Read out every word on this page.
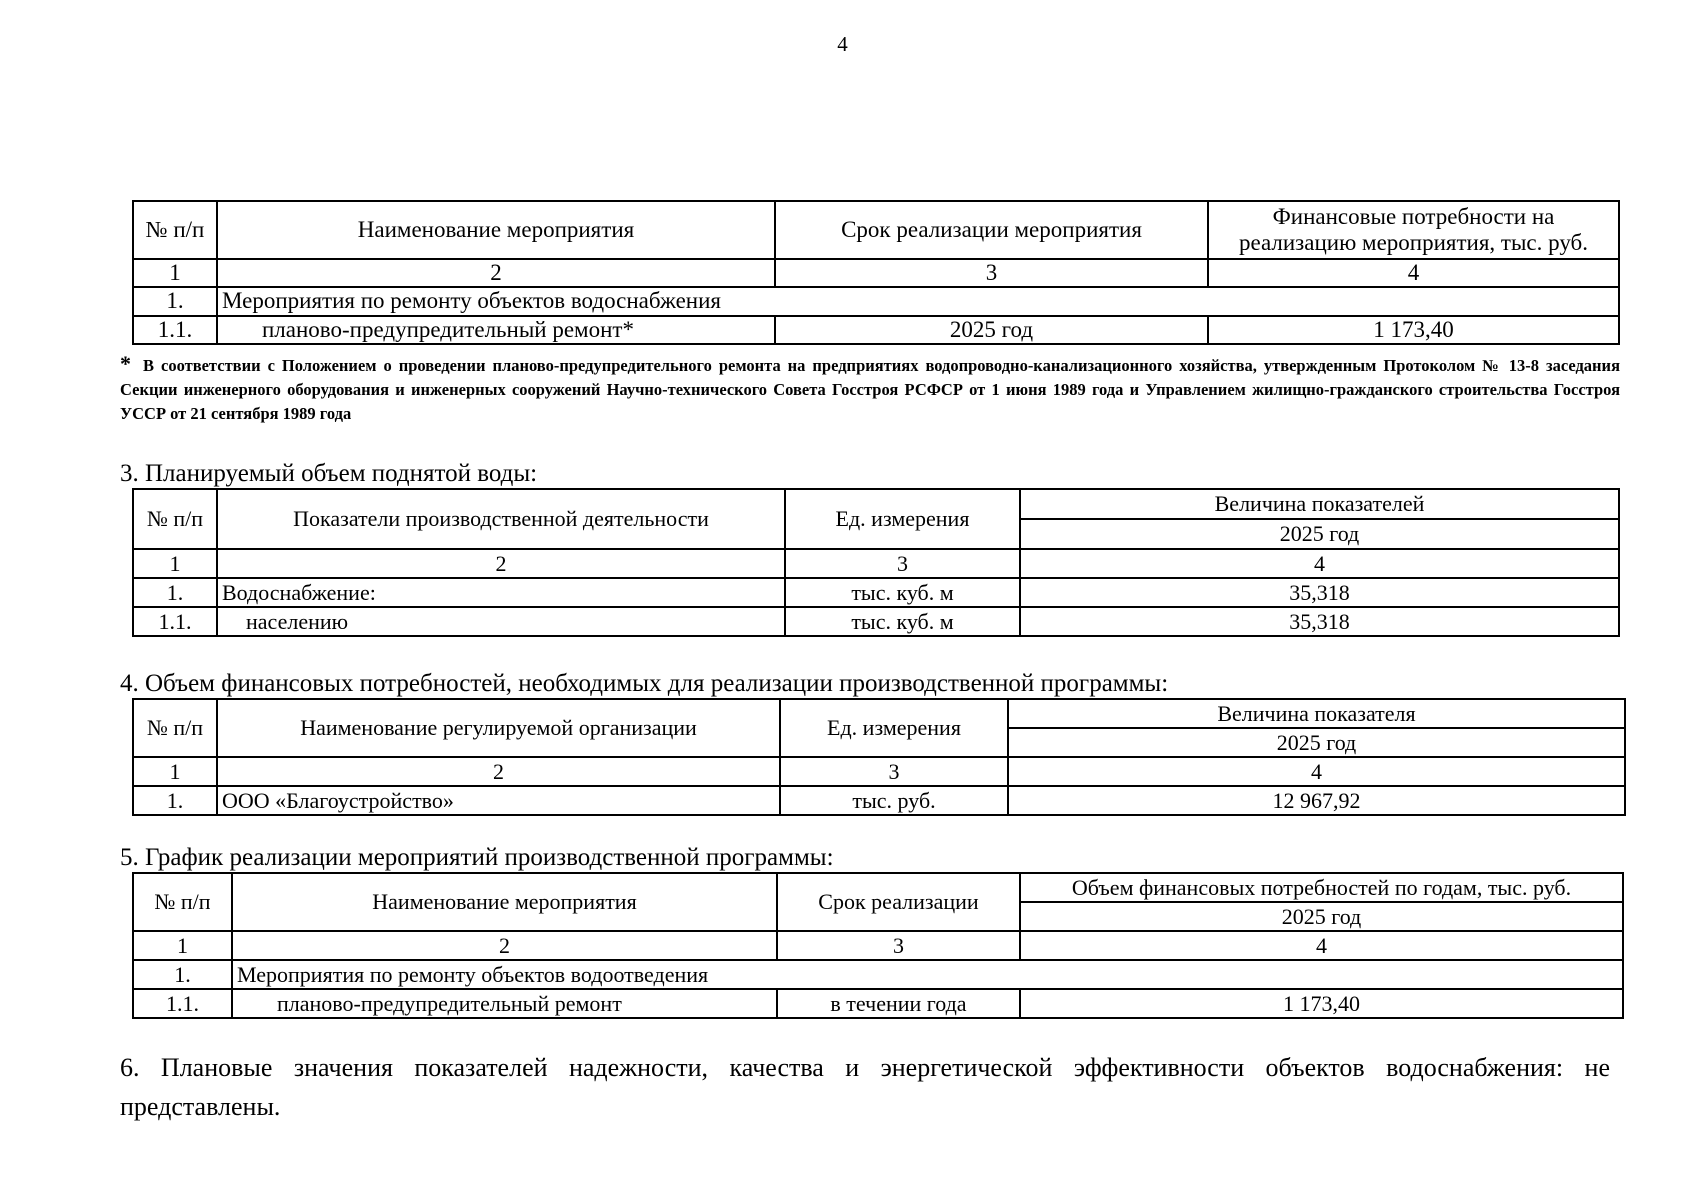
4
№ п/п	Наименование мероприятия	Срок реализации мероприятия	Финансовые потребности на реализацию мероприятия, тыс. руб.
1	2	3	4
1.	Мероприятия по ремонту объектов водоснабжения		
1.1.	планово-предупредительный ремонт*	2025 год	1 173,40
* В соответствии с Положением о проведении планово-предупредительного ремонта на предприятиях водопроводно-канализационного хозяйства, утвержденным Протоколом № 13-8 заседания Секции инженерного оборудования и инженерных сооружений Научно-технического Совета Госстроя РСФСР от 1 июня 1989 года и Управлением жилищно-гражданского строительства Госстроя УССР от 21 сентября 1989 года
3. Планируемый объем поднятой воды:
№ п/п	Показатели производственной деятельности	Ед. измерения	Величина показателей
			2025 год
1	2	3	4
1.	Водоснабжение:	тыс. куб. м	35,318
1.1.	населению	тыс. куб. м	35,318
4. Объем финансовых потребностей, необходимых для реализации производственной программы:
№ п/п	Наименование регулируемой организации	Ед. измерения	Величина показателя
			2025 год
1	2	3	4
1.	ООО «Благоустройство»	тыс. руб.	12 967,92
5. График реализации мероприятий производственной программы:
№ п/п	Наименование мероприятия	Срок реализации	Объем финансовых потребностей по годам, тыс. руб.
			2025 год
1	2	3	4
1.	Мероприятия по ремонту объектов водоотведения		
1.1.	планово-предупредительный ремонт	в течении года	1 173,40
6. Плановые значения показателей надежности, качества и энергетической эффективности объектов водоснабжения: не представлены.
